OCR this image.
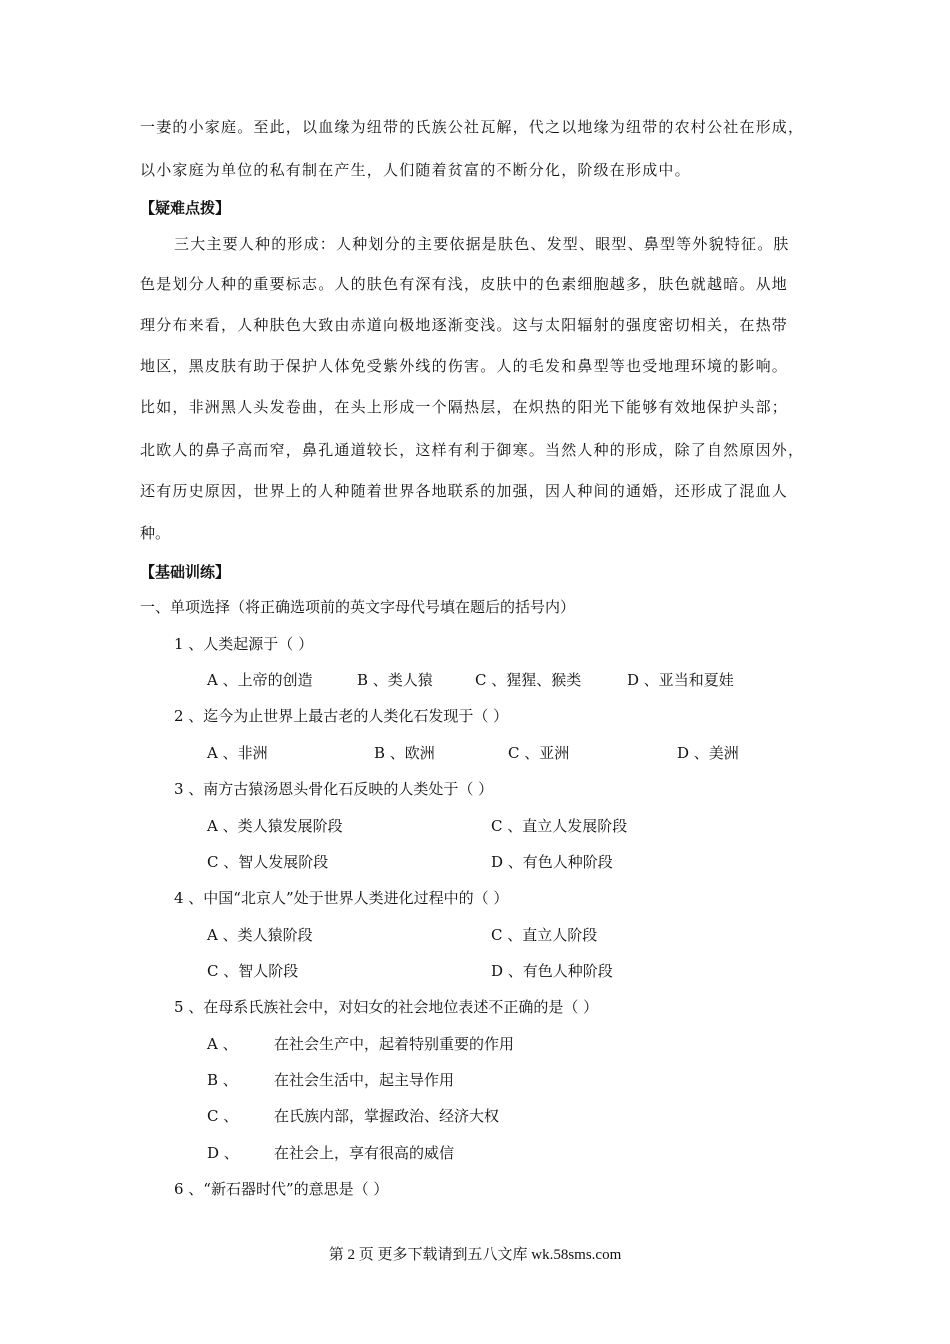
一妻的小家庭。至此，以血缘为纽带的氏族公社瓦解，代之以地缘为纽带的农村公社在形成，

以小家庭为单位的私有制在产生，人们随着贫富的不断分化，阶级在形成中。

【疑难点拨】

三大主要人种的形成：人种划分的主要依据是肤色、发型、眼型、鼻型等外貌特征。肤

色是划分人种的重要标志。人的肤色有深有浅，皮肤中的色素细胞越多，肤色就越暗。从地

理分布来看，人种肤色大致由赤道向极地逐渐变浅。这与太阳辐射的强度密切相关，在热带

地区，黑皮肤有助于保护人体免受紫外线的伤害。人的毛发和鼻型等也受地理环境的影响。

比如，非洲黑人头发卷曲，在头上形成一个隔热层，在炽热的阳光下能够有效地保护头部；

北欧人的鼻子高而窄，鼻孔通道较长，这样有利于御寒。当然人种的形成，除了自然原因外，

还有历史原因，世界上的人种随着世界各地联系的加强，因人种间的通婚，还形成了混血人

种。

【基础训练】

一、单项选择（将正确选项前的英文字母代号填在题后的括号内）

1 、人类起源于（ ）

A 、上帝的创造	B 、类人猿	C 、猩猩、猴类	D 、亚当和夏娃

2 、迄今为止世界上最古老的人类化石发现于（ ）

A 、非洲	B 、欧洲	C 、亚洲	D 、美洲

3 、南方古猿汤恩头骨化石反映的人类处于（ ）

A 、类人猿发展阶段	C 、直立人发展阶段
C 、智人发展阶段	D 、有色人种阶段

4 、中国“北京人”处于世界人类进化过程中的（ ）

A 、类人猿阶段	C 、直立人阶段
C 、智人阶段	D 、有色人种阶段

5 、在母系氏族社会中，对妇女的社会地位表述不正确的是（ ）

A 、 在社会生产中，起着特别重要的作用
B 、 在社会生活中，起主导作用
C 、 在氏族内部，掌握政治、经济大权
D 、 在社会上，享有很高的威信

6 、“新石器时代”的意思是（ ）

第 2 页 更多下载请到五八文库 wk.58sms.com
